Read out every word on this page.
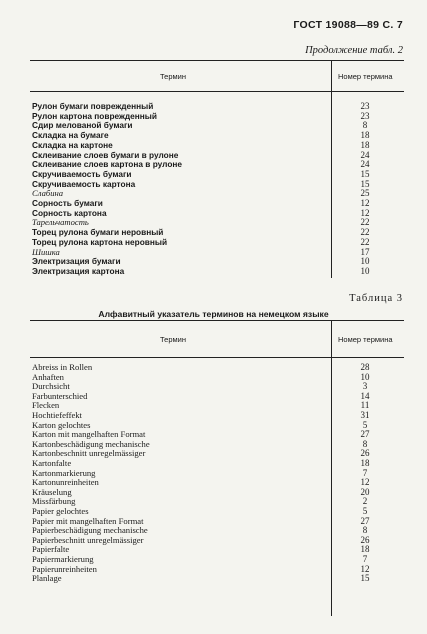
ГОСТ 19088—89 С. 7
Продолжение табл. 2
Термин	Номер термина
Рулон бумаги поврежденный	23
Рулон картона поврежденный	23
Сдир мелованой бумаги	8
Складка на бумаге	18
Складка на картоне	18
Склеивание слоев бумаги в рулоне	24
Склеивание слоев картона в рулоне	24
Скручиваемость бумаги	15
Скручиваемость картона	15
Слабина	25
Сорность бумаги	12
Сорность картона	12
Тарельчатость	22
Торец рулона бумаги неровный	22
Торец рулона картона неровный	22
Шишка	17
Электризация бумаги	10
Электризация картона	10
Таблица 3
Алфавитный указатель терминов на немецком языке
Термин	Номер термина
Abreiss in Rollen	28
Anhaften	10
Durchsicht	3
Farbunterschied	14
Flecken	11
Hochtiefeffekt	31
Karton gelochtes	5
Karton mit mangelhaften Format	27
Kartonbeschädigung mechanische	8
Kartonbeschnitt unregelmässiger	26
Kartonfalte	18
Kartonmarkierung	7
Kartonunreinheiten	12
Kräuselung	20
Missfärbung	2
Papier gelochtes	5
Papier mit mangelhaften Format	27
Papierbeschädigung mechanische	8
Papierbeschnitt unregelmässiger	26
Papierfalte	18
Papiermarkierung	7
Papierunreinheiten	12
Planlage	15
